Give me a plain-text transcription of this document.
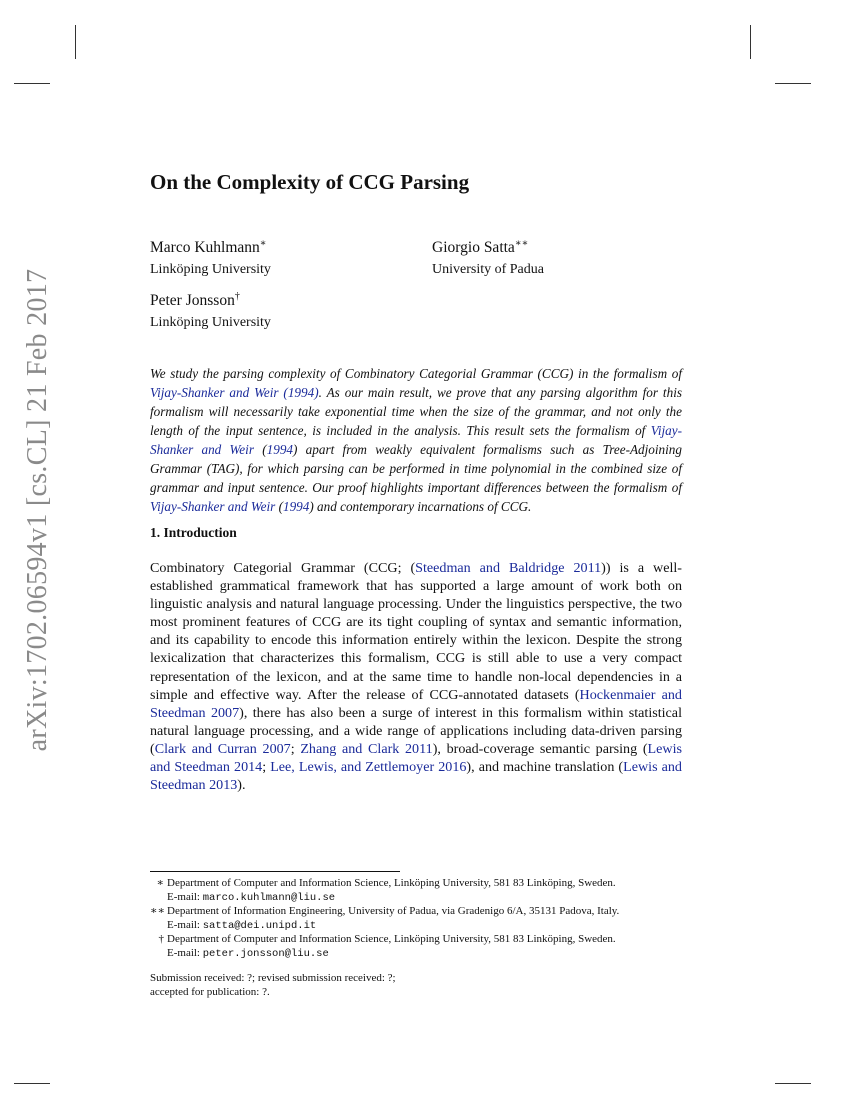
arXiv:1702.06594v1 [cs.CL] 21 Feb 2017
On the Complexity of CCG Parsing
Marco Kuhlmann∗
Linköping University
Giorgio Satta∗∗
University of Padua
Peter Jonsson†
Linköping University

We study the parsing complexity of Combinatory Categorial Grammar (CCG) in the formalism of Vijay-Shanker and Weir (1994). As our main result, we prove that any parsing algorithm for this formalism will necessarily take exponential time when the size of the grammar, and not only the length of the input sentence, is included in the analysis. This result sets the formalism of Vijay-Shanker and Weir (1994) apart from weakly equivalent formalisms such as Tree-Adjoining Grammar (TAG), for which parsing can be performed in time polynomial in the combined size of grammar and input sentence. Our proof highlights important differences between the formalism of Vijay-Shanker and Weir (1994) and contemporary incarnations of CCG.

1. Introduction

Combinatory Categorial Grammar (CCG; (Steedman and Baldridge 2011)) is a well-established grammatical framework that has supported a large amount of work both on linguistic analysis and natural language processing. Under the linguistics perspective, the two most prominent features of CCG are its tight coupling of syntax and semantic information, and its capability to encode this information entirely within the lexicon. Despite the strong lexicalization that characterizes this formalism, CCG is still able to use a very compact representation of the lexicon, and at the same time to handle non-local dependencies in a simple and effective way. After the release of CCG-annotated datasets (Hockenmaier and Steedman 2007), there has also been a surge of interest in this formalism within statistical natural language processing, and a wide range of applications including data-driven parsing (Clark and Curran 2007; Zhang and Clark 2011), broad-coverage semantic parsing (Lewis and Steedman 2014; Lee, Lewis, and Zettlemoyer 2016), and machine translation (Lewis and Steedman 2013).

∗ Department of Computer and Information Science, Linköping University, 581 83 Linköping, Sweden.
E-mail: marco.kuhlmann@liu.se
∗∗ Department of Information Engineering, University of Padua, via Gradenigo 6/A, 35131 Padova, Italy.
E-mail: satta@dei.unipd.it
† Department of Computer and Information Science, Linköping University, 581 83 Linköping, Sweden.
E-mail: peter.jonsson@liu.se

Submission received: ?; revised submission received: ?;
accepted for publication: ?.
